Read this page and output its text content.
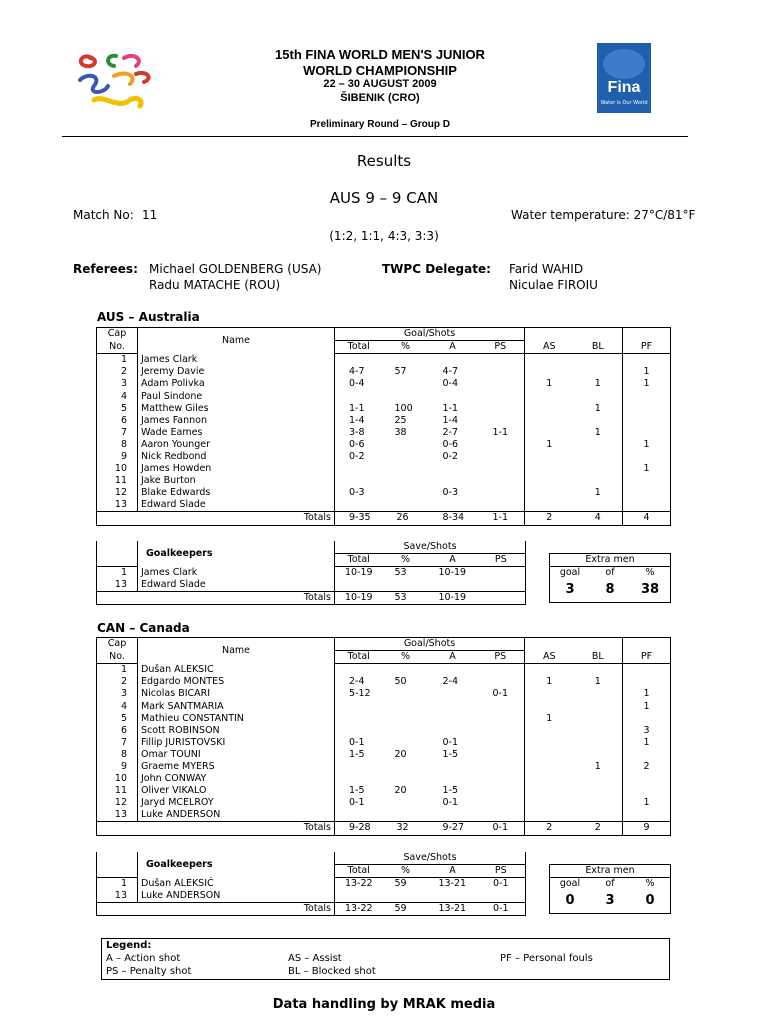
15th FINA WORLD MEN'S JUNIOR
WORLD CHAMPIONSHIP
22 – 30 AUGUST 2009
ŠIBENIK (CRO)
Fina
Water is Our World
Preliminary Round – Group D
Results
AUS 9 – 9 CAN
Match No: 11	Water temperature: 27°C/81°F
(1:2, 1:1, 4:3, 3:3)
Referees: Michael GOLDENBERG (USA)
Radu MATACHE (ROU)
TWPC Delegate: Farid WAHID
Niculae FIROIU
AUS – Australia
Cap	Name	Goal/Shots						
No.		Total	%	A	PS	AS	BL	PF
1	James Clark							
2	Jeremy Davie	4-7	57	4-7				1
3	Adam Polivka	0-4		0-4		1	1	1
4	Paul Sindone							
5	Matthew Giles	1-1	100	1-1			1	
6	James Fannon	1-4	25	1-4				
7	Wade Eames	3-8	38	2-7	1-1		1	
8	Aaron Younger	0-6		0-6		1		1
9	Nick Redbond	0-2		0-2				
10	James Howden							1
11	Jake Burton							
12	Blake Edwards	0-3		0-3			1	
13	Edward Slade							
Totals		9-35	26	8-34	1-1	2	4	4
	Goalkeepers	Save/Shots			
		Total	%	A	PS
1	James Clark	10-19	53	10-19	
13	Edward Slade				
Totals		10-19	53	10-19	
Extra men
goal	of	%
3	8	38
CAN – Canada
Cap	Name	Goal/Shots						
No.		Total	%	A	PS	AS	BL	PF
1	Dušan ALEKSIĆ							
2	Edgardo MONTES	2-4	50	2-4		1	1	
3	Nicolas BICARI	5-12			0-1			1
4	Mark SANTMARIA							1
5	Mathieu CONSTANTIN					1		
6	Scott ROBINSON							3
7	Fillip JURISTOVSKI	0-1		0-1				1
8	Omar TOUNI	1-5	20	1-5				
9	Graeme MYERS						1	2
10	John CONWAY							
11	Oliver VIKALO	1-5	20	1-5				
12	Jaryd MCELROY	0-1		0-1				1
13	Luke ANDERSON							
Totals		9-28	32	9-27	0-1	2	2	9
	Goalkeepers	Save/Shots			
		Total	%	A	PS
1	Dušan ALEKSIĆ	13-22	59	13-21	0-1
13	Luke ANDERSON				
Totals		13-22	59	13-21	0-1
Extra men
goal	of	%
0	3	0
Legend:
A – Action shot
PS – Penalty shot
AS – Assist
BL – Blocked shot
PF – Personal fouls
Data handling by MRAK media
